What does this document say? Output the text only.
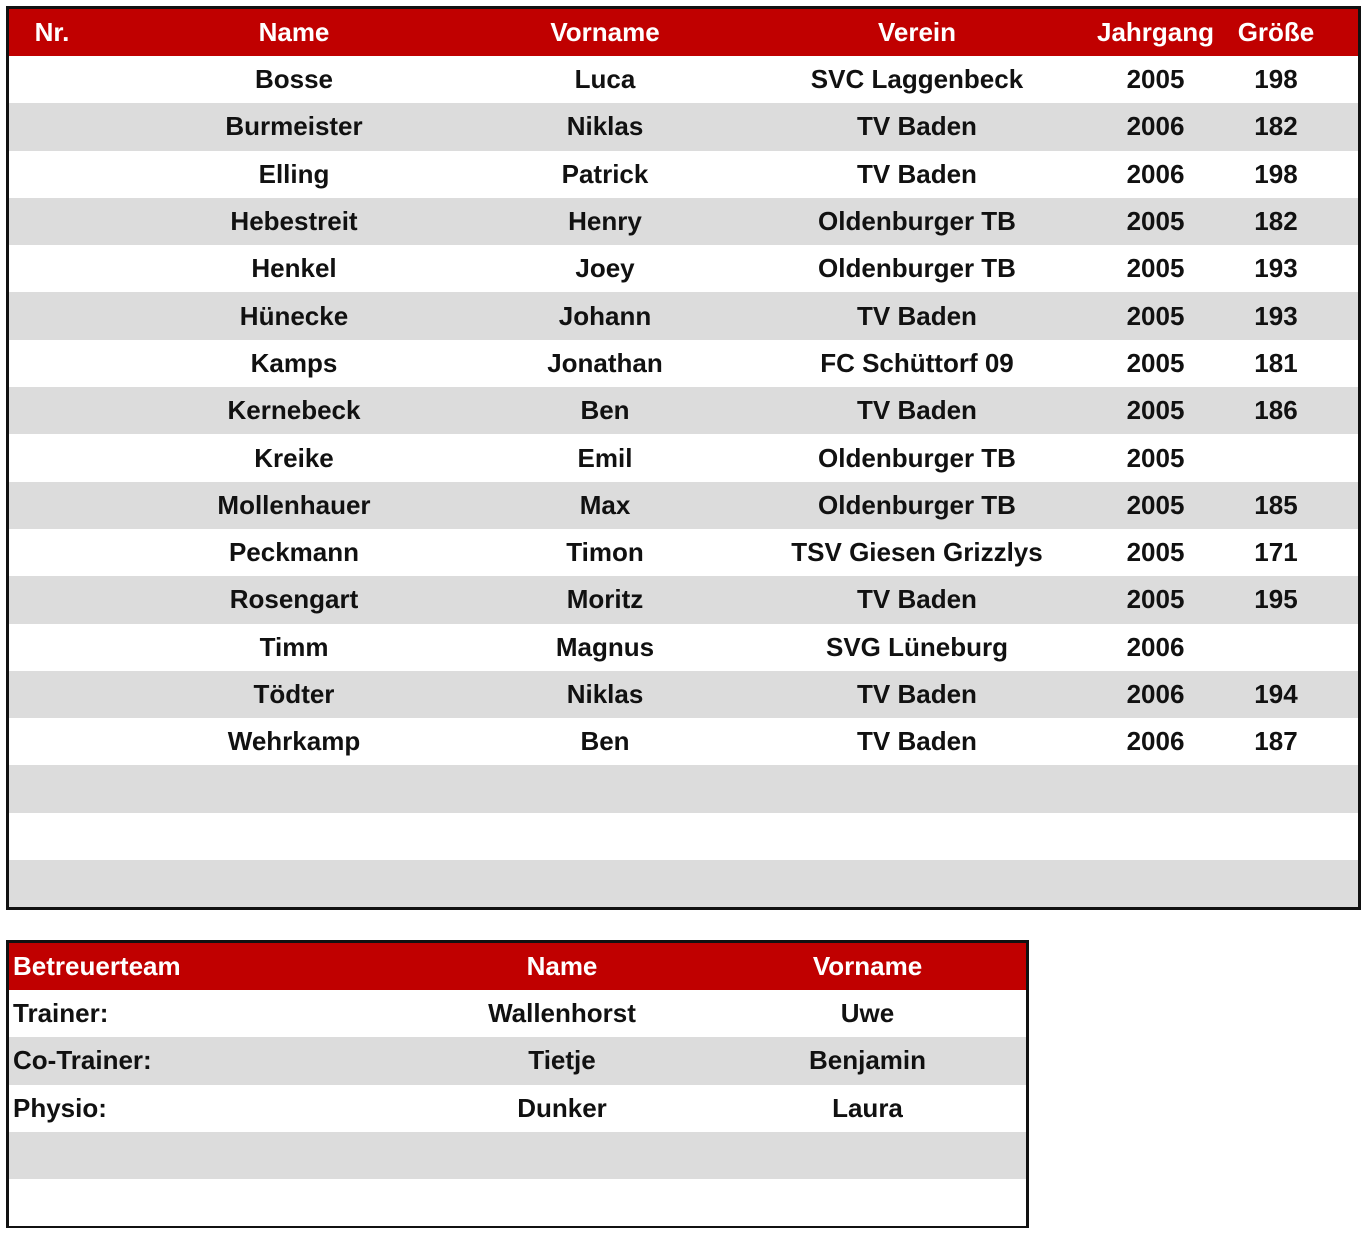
Nr.	Name	Vorname	Verein	Jahrgang Größe
Bosse	Luca	SVC Laggenbeck	2005	198
Burmeister	Niklas	TV Baden	2006	182
Elling	Patrick	TV Baden	2006	198
Hebestreit	Henry	Oldenburger TB	2005	182
Henkel	Joey	Oldenburger TB	2005	193
Hünecke	Johann	TV Baden	2005	193
Kamps	Jonathan	FC Schüttorf 09	2005	181
Kernebeck	Ben	TV Baden	2005	186
Kreike	Emil	Oldenburger TB	2005
Mollenhauer	Max	Oldenburger TB	2005	185
Peckmann	Timon	TSV Giesen Grizzlys	2005	171
Rosengart	Moritz	TV Baden	2005	195
Timm	Magnus	SVG Lüneburg	2006
Tödter	Niklas	TV Baden	2006	194
Wehrkamp	Ben	TV Baden	2006	187
Betreuerteam	Name	Vorname
Trainer:	Wallenhorst	Uwe
Co-Trainer:	Tietje	Benjamin
Physio:	Dunker	Laura
